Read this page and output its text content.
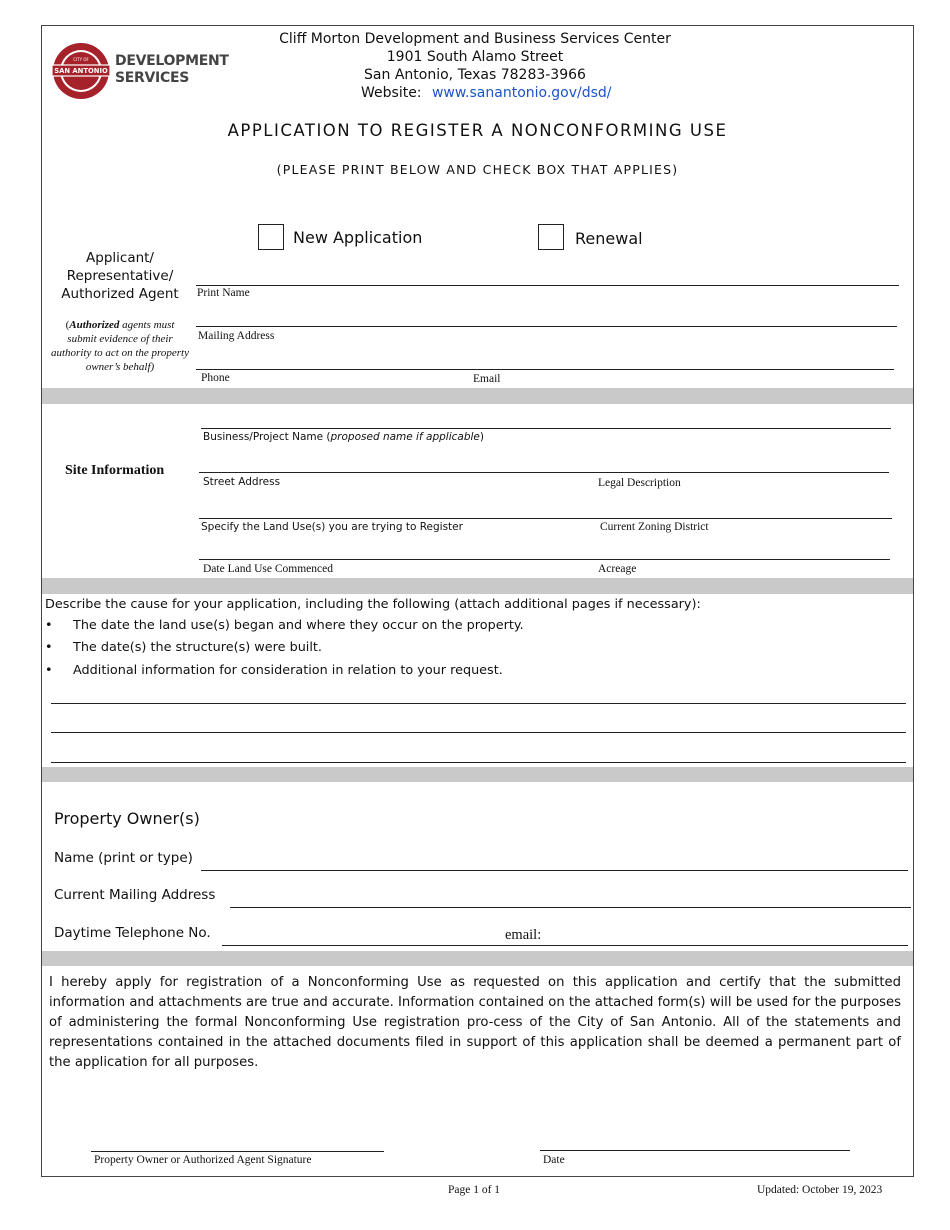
SAN ANTONIO
CITY OF DEVELOPMENT
SERVICES
Cliff Morton Development and Business Services Center
1901 South Alamo Street
San Antonio, Texas 78283-3966
Website: www.sanantonio.gov/dsd/
APPLICATION TO REGISTER A NONCONFORMING USE
(PLEASE PRINT BELOW AND CHECK BOX THAT APPLIES)
New Application	Renewal
Applicant/
Representative/
Authorized Agent
(Authorized agents must submit evidence of their authority to act on the property owner’s behalf)
Print Name
Mailing Address
Phone	Email
Site Information
Business/Project Name (proposed name if applicable)
Street Address	Legal Description
Specify the Land Use(s) you are trying to Register	Current Zoning District
Date Land Use Commenced	Acreage
Describe the cause for your application, including the following (attach additional pages if necessary):
• The date the land use(s) began and where they occur on the property.
• The date(s) the structure(s) were built.
• Additional information for consideration in relation to your request.
Property Owner(s)
Name (print or type)
Current Mailing Address
Daytime Telephone No.	email:
I hereby apply for registration of a Nonconforming Use as requested on this application and certify that the submitted information and attachments are true and accurate. Information contained on the attached form(s) will be used for the purposes of administering the formal Nonconforming Use registration pro-cess of the City of San Antonio. All of the statements and representations contained in the attached documents filed in support of this application shall be deemed a permanent part of the application for all purposes.
Property Owner or Authorized Agent Signature	Date
Page 1 of 1	Updated: October 19, 2023
